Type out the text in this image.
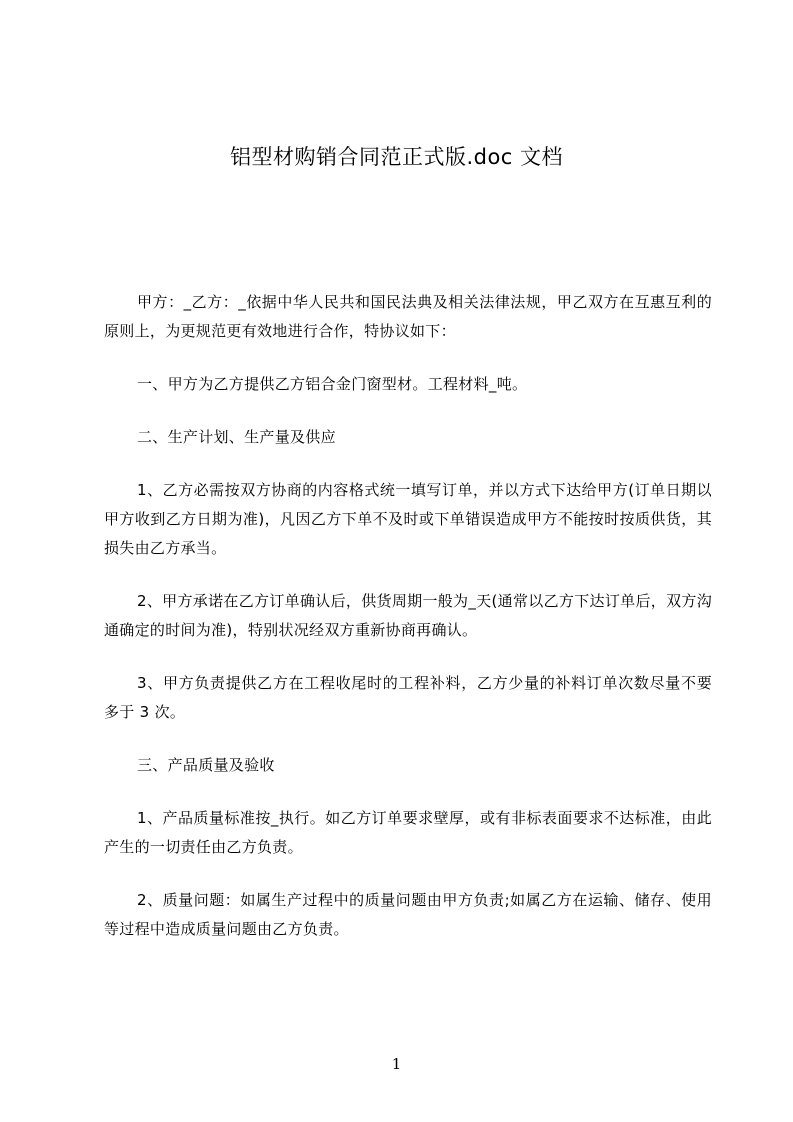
铝型材购销合同范正式版.doc 文档

甲方：_乙方：_依据中华人民共和国民法典及相关法律法规，甲乙双方在互惠互利的原则上，为更规范更有效地进行合作，特协议如下：

一、甲方为乙方提供乙方铝合金门窗型材。工程材料_吨。

二、生产计划、生产量及供应

1、乙方必需按双方协商的内容格式统一填写订单，并以方式下达给甲方(订单日期以甲方收到乙方日期为准)，凡因乙方下单不及时或下单错误造成甲方不能按时按质供货，其损失由乙方承当。

2、甲方承诺在乙方订单确认后，供货周期一般为_天(通常以乙方下达订单后，双方沟通确定的时间为准)，特别状况经双方重新协商再确认。

3、甲方负责提供乙方在工程收尾时的工程补料，乙方少量的补料订单次数尽量不要多于 3 次。

三、产品质量及验收

1、产品质量标准按_执行。如乙方订单要求壁厚，或有非标表面要求不达标准，由此产生的一切责任由乙方负责。

2、质量问题：如属生产过程中的质量问题由甲方负责;如属乙方在运输、储存、使用等过程中造成质量问题由乙方负责。

1
